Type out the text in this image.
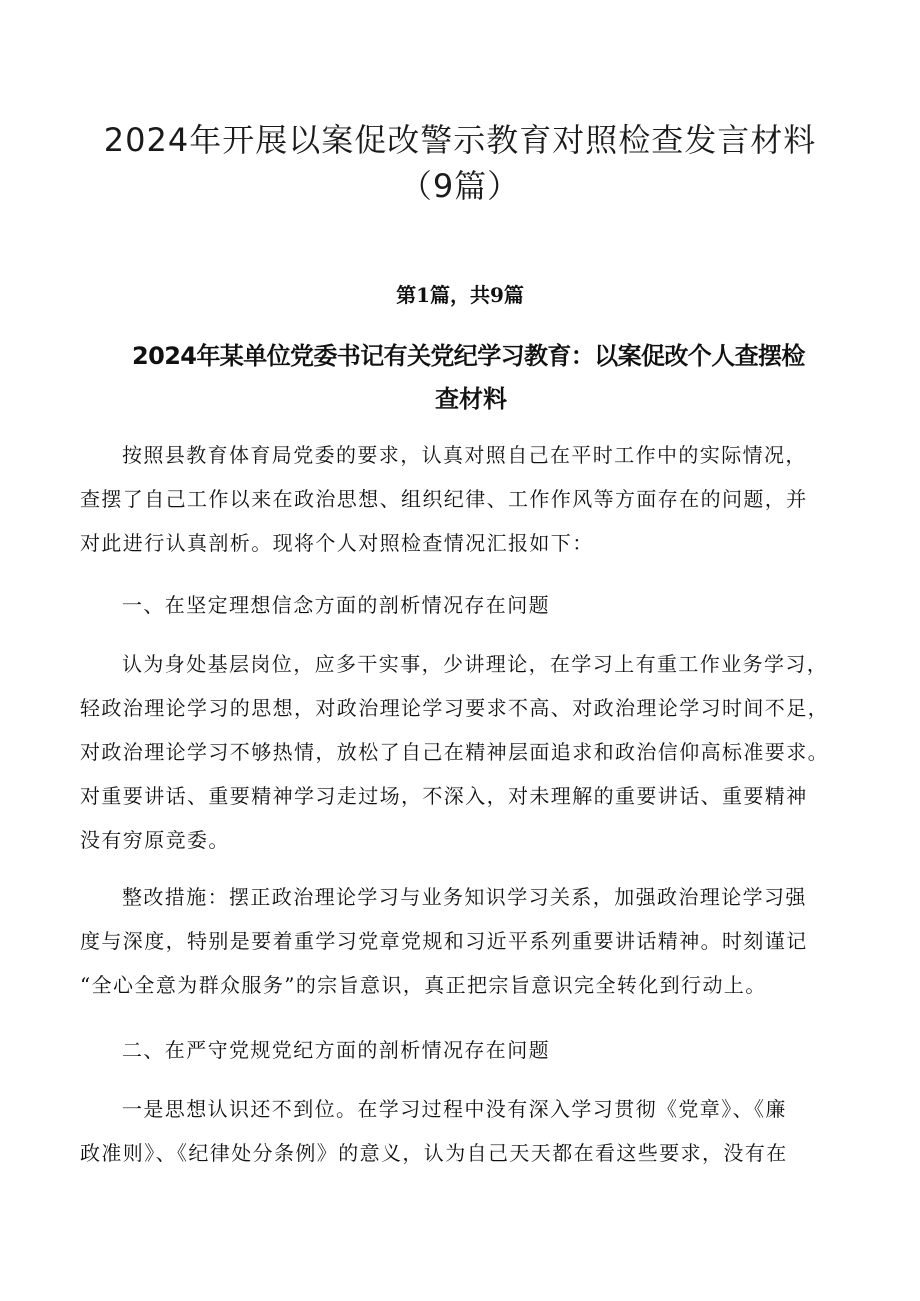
2024年开展以案促改警示教育对照检查发言材料
（9篇）
第1篇，共9篇
2024年某单位党委书记有关党纪学习教育：以案促改个人查摆检
查材料
按照县教育体育局党委的要求，认真对照自己在平时工作中的实际情况，
查摆了自己工作以来在政治思想、组织纪律、工作作风等方面存在的问题，并
对此进行认真剖析。现将个人对照检查情况汇报如下：
一、在坚定理想信念方面的剖析情况存在问题
认为身处基层岗位，应多干实事，少讲理论，在学习上有重工作业务学习，
轻政治理论学习的思想，对政治理论学习要求不高、对政治理论学习时间不足，
对政治理论学习不够热情，放松了自己在精神层面追求和政治信仰高标准要求。
对重要讲话、重要精神学习走过场，不深入，对未理解的重要讲话、重要精神
没有穷原竞委。
整改措施：摆正政治理论学习与业务知识学习关系，加强政治理论学习强
度与深度，特别是要着重学习党章党规和习近平系列重要讲话精神。时刻谨记
“全心全意为群众服务”的宗旨意识，真正把宗旨意识完全转化到行动上。
二、在严守党规党纪方面的剖析情况存在问题
一是思想认识还不到位。在学习过程中没有深入学习贯彻《党章》、《廉
政准则》、《纪律处分条例》的意义，认为自己天天都在看这些要求，没有在
